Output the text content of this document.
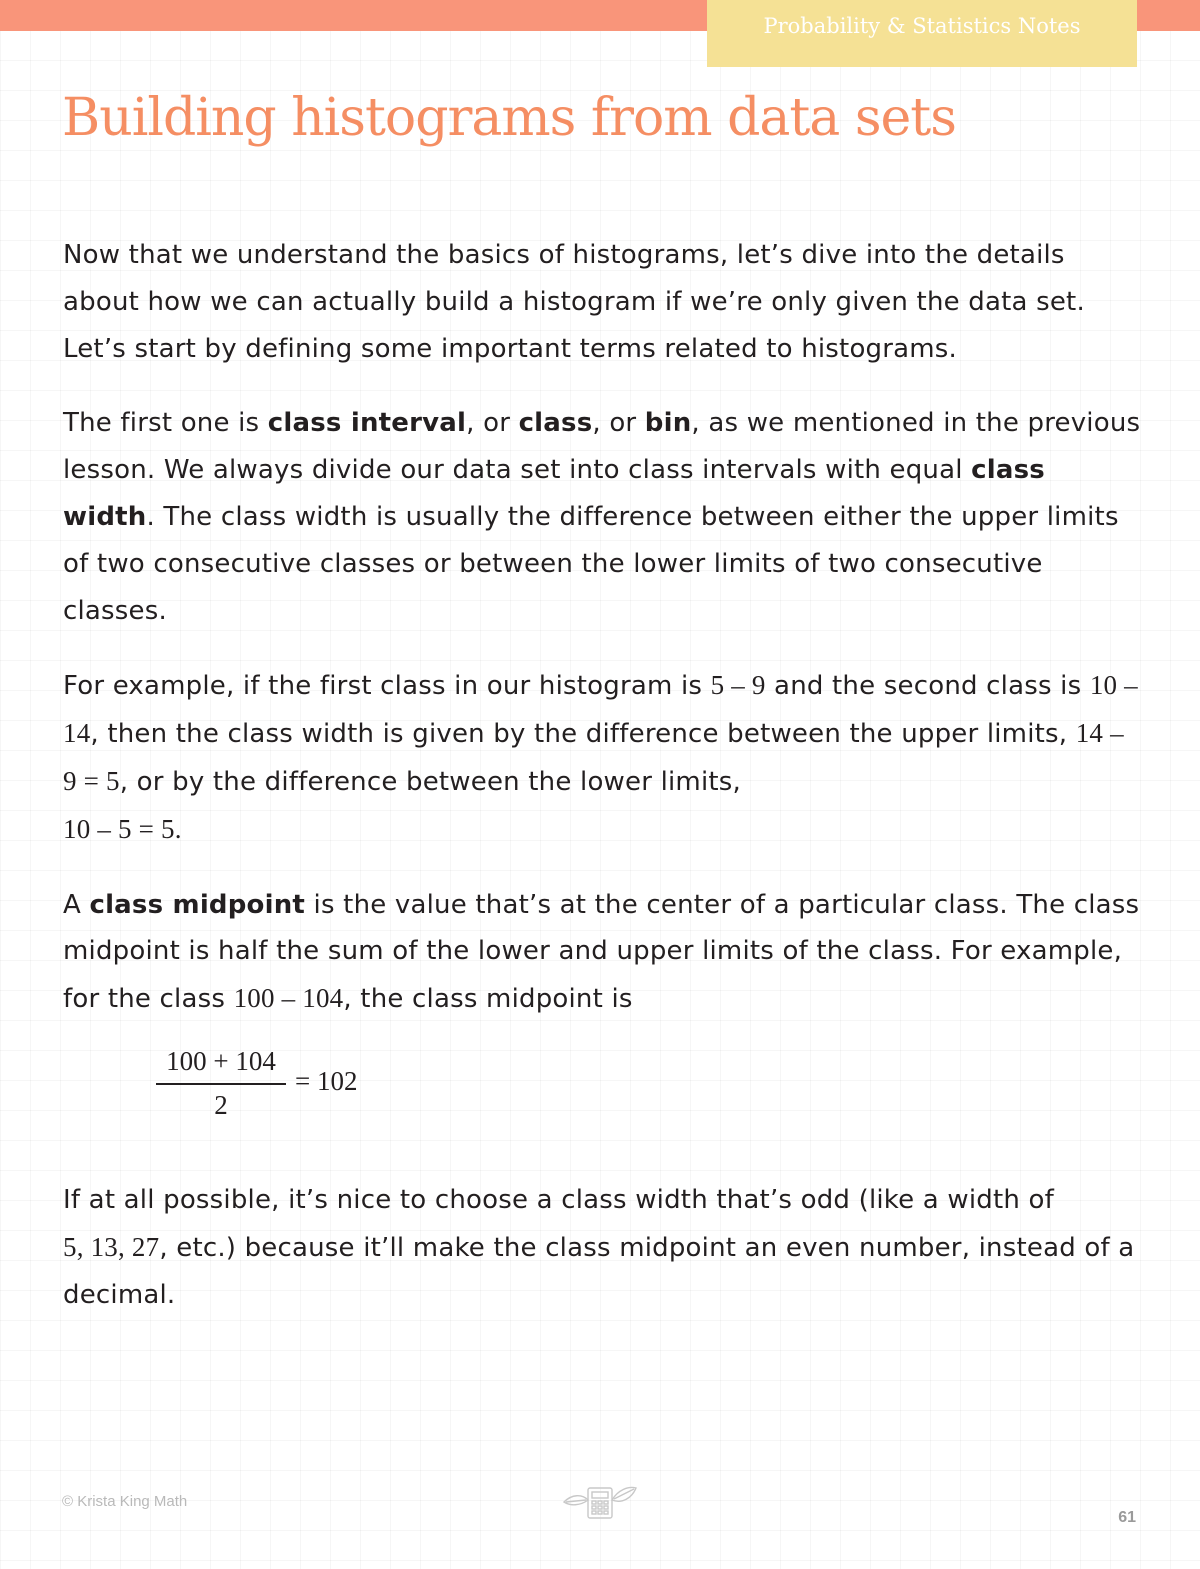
Probability & Statistics Notes
Building histograms from data sets

Now that we understand the basics of histograms, let’s dive into the details about how we can actually build a histogram if we’re only given the data set. Let’s start by defining some important terms related to histograms.

The first one is class interval, or class, or bin, as we mentioned in the previous lesson. We always divide our data set into class intervals with equal class width. The class width is usually the difference between either the upper limits of two consecutive classes or between the lower limits of two consecutive classes.

For example, if the first class in our histogram is 5 – 9 and the second class is 10 – 14, then the class width is given by the difference between the upper limits, 14 – 9 = 5, or by the difference between the lower limits,
10 – 5 = 5.

A class midpoint is the value that’s at the center of a particular class. The class midpoint is half the sum of the lower and upper limits of the class. For example, for the class 100 – 104, the class midpoint is

100 + 104
2
= 102

If at all possible, it’s nice to choose a class width that’s odd (like a width of
5, 13, 27, etc.) because it’ll make the class midpoint an even number, instead of a decimal.

© Krista King Math
61
